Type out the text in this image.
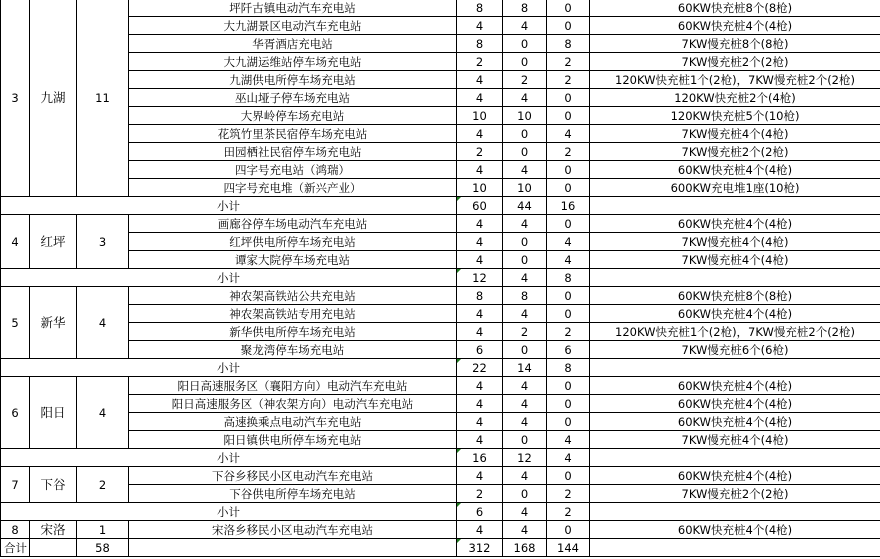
3	九湖	11	坪阡古镇电动汽车充电站	8	8	0	60KW快充桩8个(8枪)
			大九湖景区电动汽车充电站	4	4	0	60KW快充桩4个(4枪)
			华胥酒店充电站	8	0	8	7KW慢充桩8个(8枪)
			大九湖运维站停车场充电站	2	0	2	7KW慢充桩2个(2枪)
			九湖供电所停车场充电站	4	2	2	120KW快充桩1个(2枪)，7KW慢充桩2个(2枪)
			巫山垭子停车场充电站	4	4	0	120KW快充桩2个(4枪)
			大界岭停车场充电站	10	10	0	120KW快充桩5个(10枪)
			花筑竹里茶民宿停车场充电站	4	0	4	7KW慢充桩4个(4枪)
			田园栖社民宿停车场充电站	2	0	2	7KW慢充桩2个(2枪)
			四字号充电站（鸿瑞）	4	4	0	60KW快充桩4个(4枪)
			四字号充电堆（新兴产业）	10	10	0	600KW充电堆1座(10枪)
小计				60	44	16	
4	红坪	3	画廊谷停车场电动汽车充电站	4	4	0	60KW快充桩4个(4枪)
			红坪供电所停车场充电站	4	0	4	7KW慢充桩4个(4枪)
			谭家大院停车场充电站	4	0	4	7KW慢充桩4个(4枪)
小计				12	4	8	
5	新华	4	神农架高铁站公共充电站	8	8	0	60KW快充桩8个(8枪)
			神农架高铁站专用充电站	4	4	0	60KW快充桩4个(4枪)
			新华供电所停车场充电站	4	2	2	120KW快充桩1个(2枪)，7KW慢充桩2个(2枪)
			聚龙湾停车场充电站	6	0	6	7KW慢充桩6个(6枪)
小计				22	14	8	
6	阳日	4	阳日高速服务区（襄阳方向）电动汽车充电站	4	4	0	60KW快充桩4个(4枪)
			阳日高速服务区（神农架方向）电动汽车充电站	4	4	0	60KW快充桩4个(4枪)
			高速换乘点电动汽车充电站	4	4	0	60KW快充桩4个(4枪)
			阳日镇供电所停车场充电站	4	0	4	7KW慢充桩4个(4枪)
小计				16	12	4	
7	下谷	2	下谷乡移民小区电动汽车充电站	4	4	0	60KW快充桩4个(4枪)
			下谷供电所停车场充电站	2	0	2	7KW慢充桩2个(2枪)
小计				6	4	2	
8	宋洛	1	宋洛乡移民小区电动汽车充电站	4	4	0	60KW快充桩4个(4枪)
合计		58		312	168	144	
